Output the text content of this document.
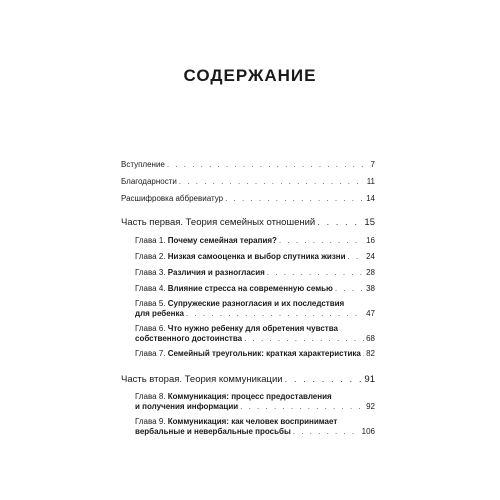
СОДЕРЖАНИЕ
Вступление . . .	7
Благодарности . . .	11
Расшифровка аббревиатур . . .	14
Часть первая. Теория семейных отношений . . .	15
Глава 1. Почему семейная терапия? . . .	16
Глава 2. Низкая самооценка и выбор спутника жизни . . .	24
Глава 3. Различия и разногласия . . .	28
Глава 4. Влияние стресса на современную семью . . .	38
Глава 5. Супружеские разногласия и их последствия
для ребенка . . .	47
Глава 6. Что нужно ребенку для обретения чувства
собственного достоинства . . .	68
Глава 7. Семейный треугольник: краткая характеристика . . . 82
Часть вторая. Теория коммуникации . . .	91
Глава 8. Коммуникация: процесс предоставления
и получения информации . . .	92
Глава 9. Коммуникация: как человек воспринимает
вербальные и невербальные просьбы . . .	106
